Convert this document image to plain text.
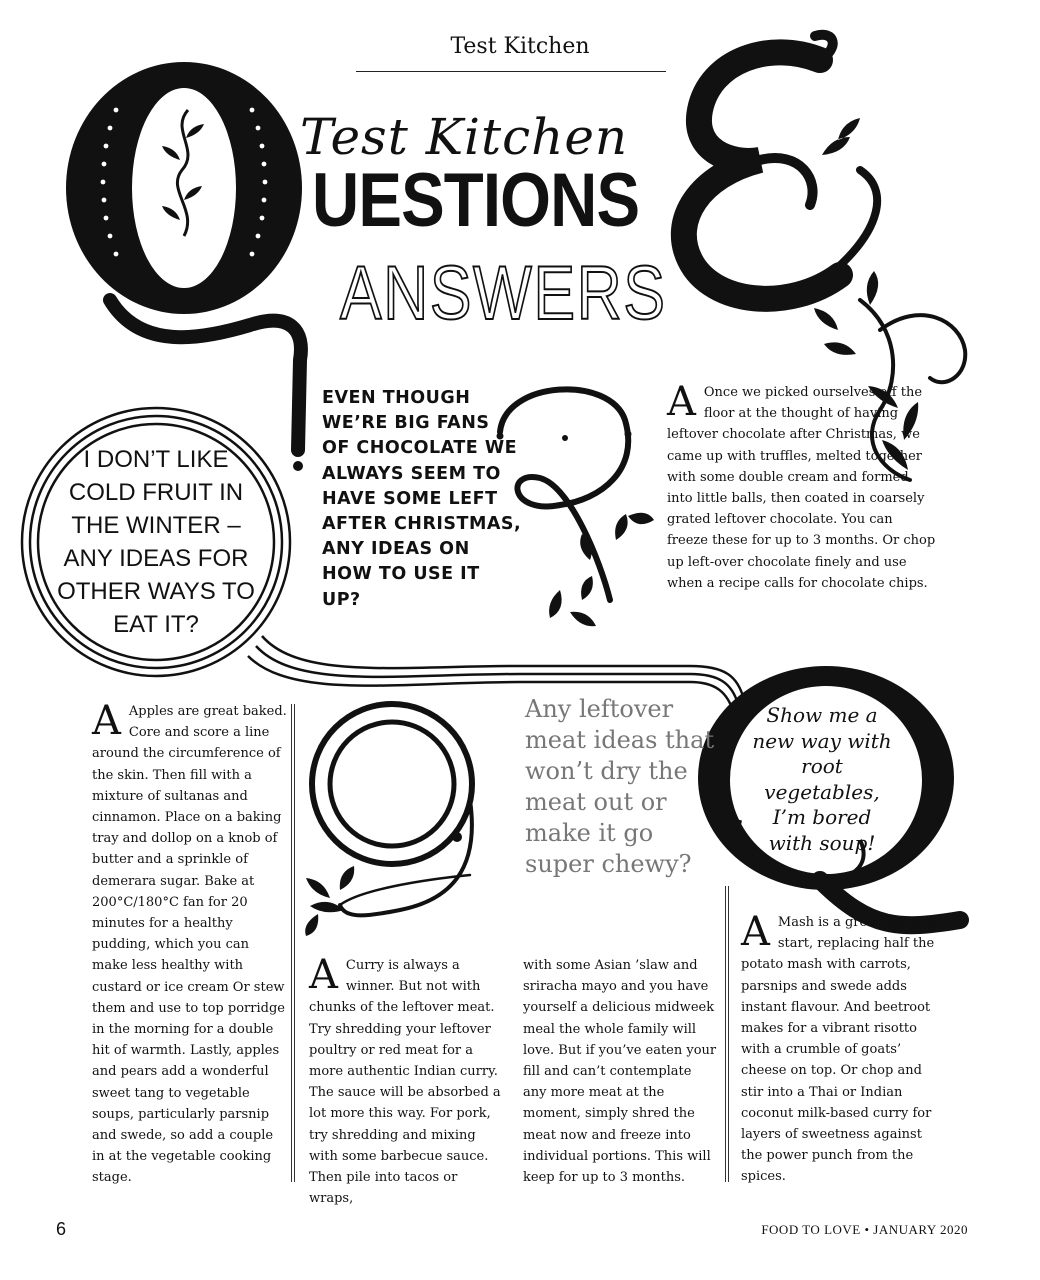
Test Kitchen
Test Kitchen
UESTIONS
ANSWERS
I DON’T LIKE COLD FRUIT IN THE WINTER – ANY IDEAS FOR OTHER WAYS TO EAT IT?
EVEN THOUGH WE’RE BIG FANS OF CHOCOLATE WE ALWAYS SEEM TO HAVE SOME LEFT AFTER CHRISTMAS, ANY IDEAS ON HOW TO USE IT UP?
A Once we picked ourselves off the floor at the thought of having leftover chocolate after Christmas, we came up with truffles, melted together with some double cream and formed into little balls, then coated in coarsely grated leftover chocolate. You can freeze these for up to 3 months. Or chop up left-over chocolate finely and use when a recipe calls for chocolate chips.
A Apples are great baked. Core and score a line around the circumference of the skin. Then fill with a mixture of sultanas and cinnamon. Place on a baking tray and dollop on a knob of butter and a sprinkle of demerara sugar. Bake at 200°C/180°C fan for 20 minutes for a healthy pudding, which you can make less healthy with custard or ice cream Or stew them and use to top porridge in the morning for a double hit of warmth. Lastly, apples and pears add a wonderful sweet tang to vegetable soups, particularly parsnip and swede, so add a couple in at the vegetable cooking stage.
Any leftover meat ideas that won’t dry the meat out or make it go super chewy?
A Curry is always a winner. But not with chunks of the leftover meat. Try shredding your leftover poultry or red meat for a more authentic Indian curry. The sauce will be absorbed a lot more this way. For pork, try shredding and mixing with some barbecue sauce. Then pile into tacos or wraps,
with some Asian ’slaw and sriracha mayo and you have yourself a delicious midweek meal the whole family will love. But if you’ve eaten your fill and can’t contemplate any more meat at the moment, simply shred the meat now and freeze into individual portions. This will keep for up to 3 months.
Show me a new way with root vegetables, I’m bored with soup!
A Mash is a great place to start, replacing half the potato mash with carrots, parsnips and swede adds instant flavour. And beetroot makes for a vibrant risotto with a crumble of goats’ cheese on top. Or chop and stir into a Thai or Indian coconut milk-based curry for layers of sweetness against the power punch from the spices.
6	FOOD TO LOVE • JANUARY 2020
